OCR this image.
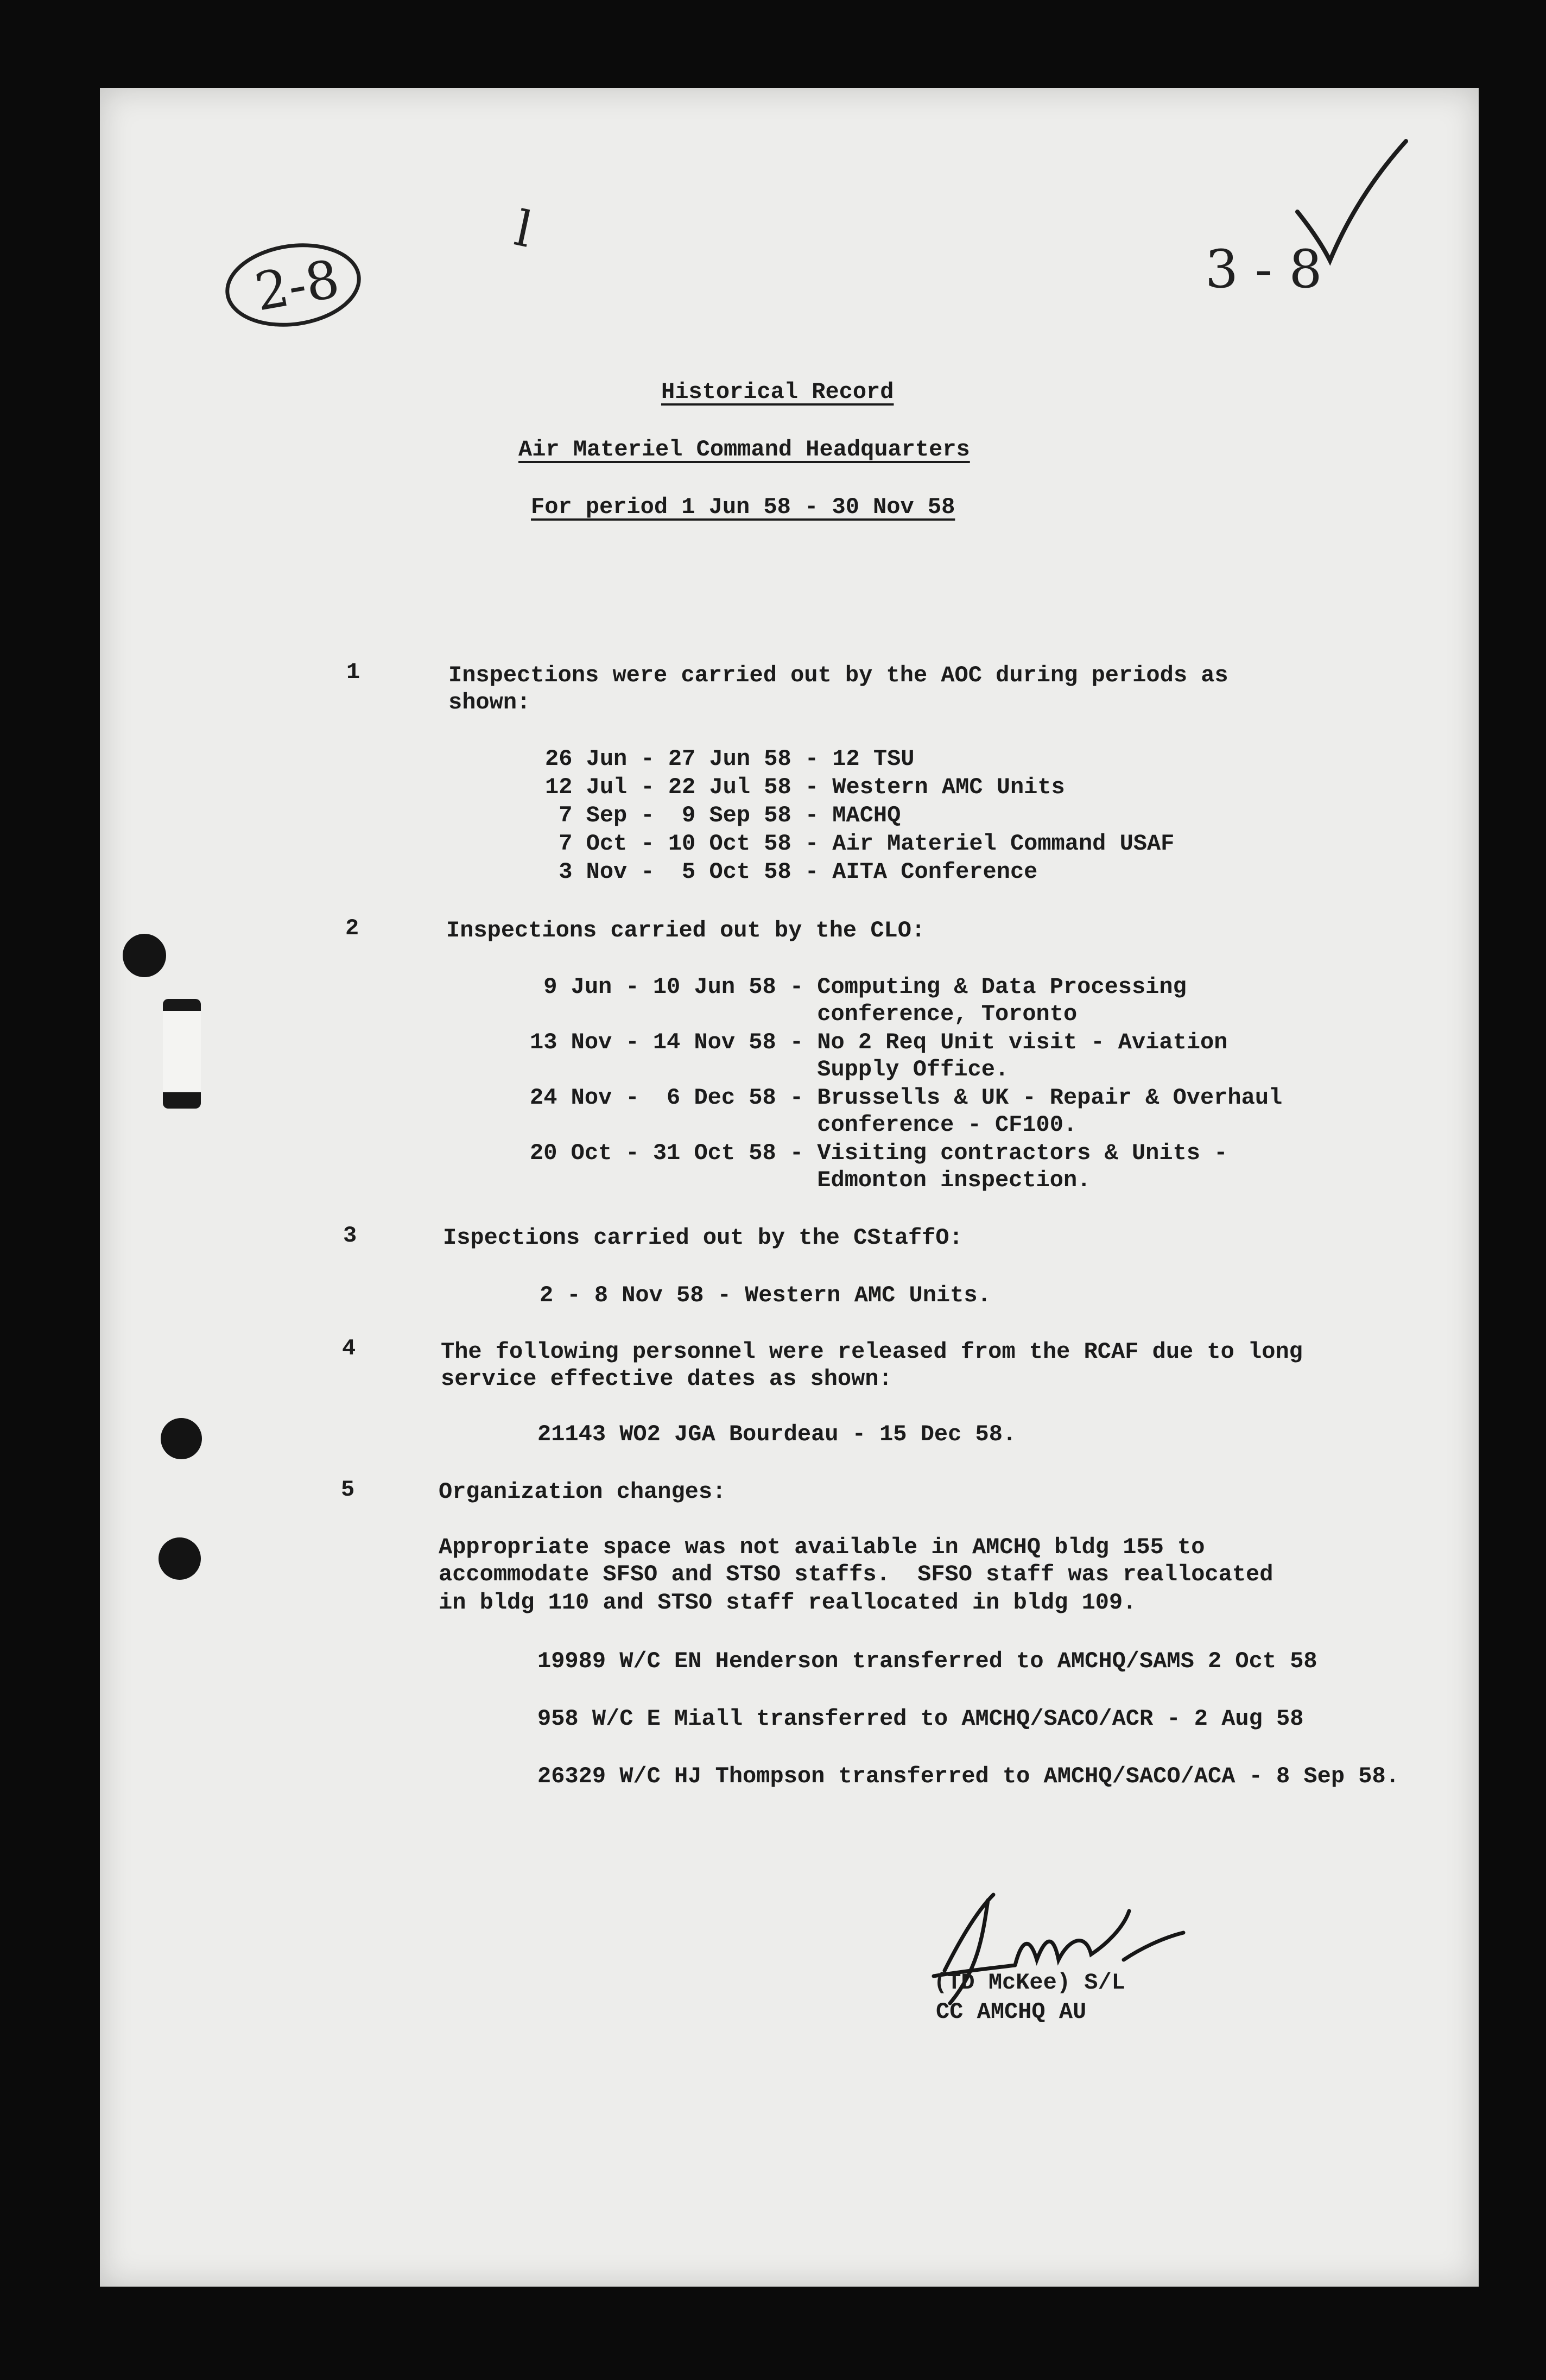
2-8
l
3 - 8
Historical Record
Air Materiel Command Headquarters
For period 1 Jun 58 - 30 Nov 58
1	Inspections were carried out by the AOC during periods as
shown:
26 Jun - 27 Jun 58 - 12 TSU
12 Jul - 22 Jul 58 - Western AMC Units
7 Sep -  9 Sep 58 - MACHQ
7 Oct - 10 Oct 58 - Air Materiel Command USAF
3 Nov -  5 Oct 58 - AITA Conference
2	Inspections carried out by the CLO:
9 Jun - 10 Jun 58 - Computing & Data Processing
conference, Toronto
13 Nov - 14 Nov 58 - No 2 Req Unit visit - Aviation
Supply Office.
24 Nov -  6 Dec 58 - Brussells & UK - Repair & Overhaul
conference - CF100.
20 Oct - 31 Oct 58 - Visiting contractors & Units -
Edmonton inspection.
3	Ispections carried out by the CStaffO:
2 - 8 Nov 58 - Western AMC Units.
4	The following personnel were released from the RCAF due to long
service effective dates as shown:
21143 WO2 JGA Bourdeau - 15 Dec 58.
5	Organization changes:
Appropriate space was not available in AMCHQ bldg 155 to
accommodate SFSO and STSO staffs.  SFSO staff was reallocated
in bldg 110 and STSO staff reallocated in bldg 109.
19989 W/C EN Henderson transferred to AMCHQ/SAMS 2 Oct 58
958 W/C E Miall transferred to AMCHQ/SACO/ACR - 2 Aug 58
26329 W/C HJ Thompson transferred to AMCHQ/SACO/ACA - 8 Sep 58.
(TD McKee) S/L
CC AMCHQ AU
